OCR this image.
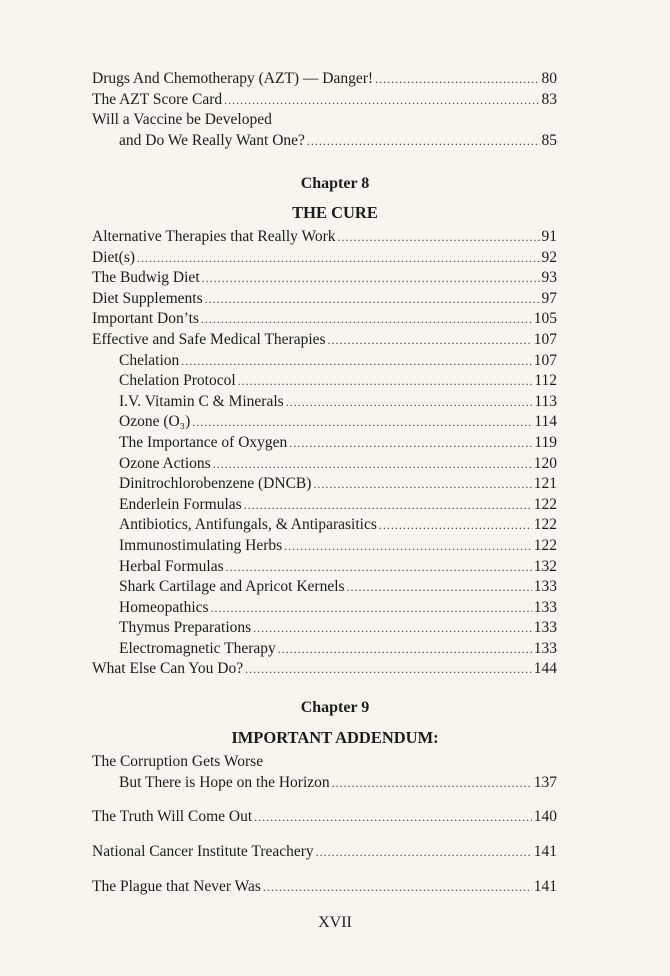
Drugs And Chemotherapy (AZT) — Danger! .....	80
The AZT Score Card .....	83
Will a Vaccine be Developed
and Do We Really Want One? .....	85
Chapter 8
THE CURE
Alternative Therapies that Really Work .....	91
Diet(s) .....	92
The Budwig Diet .....	93
Diet Supplements .....	97
Important Don’ts .....	105
Effective and Safe Medical Therapies .....	107
Chelation .....	107
Chelation Protocol .....	112
I.V. Vitamin C & Minerals .....	113
Ozone (O₃) .....	114
The Importance of Oxygen .....	119
Ozone Actions .....	120
Dinitrochlorobenzene (DNCB) .....	121
Enderlein Formulas .....	122
Antibiotics, Antifungals, & Antiparasitics .....	122
Immunostimulating Herbs .....	122
Herbal Formulas .....	132
Shark Cartilage and Apricot Kernels .....	133
Homeopathics .....	133
Thymus Preparations .....	133
Electromagnetic Therapy .....	133
What Else Can You Do? .....	144
Chapter 9
IMPORTANT ADDENDUM:
The Corruption Gets Worse
But There is Hope on the Horizon .....	137
The Truth Will Come Out .....	140
National Cancer Institute Treachery .....	141
The Plague that Never Was .....	141
XVII
